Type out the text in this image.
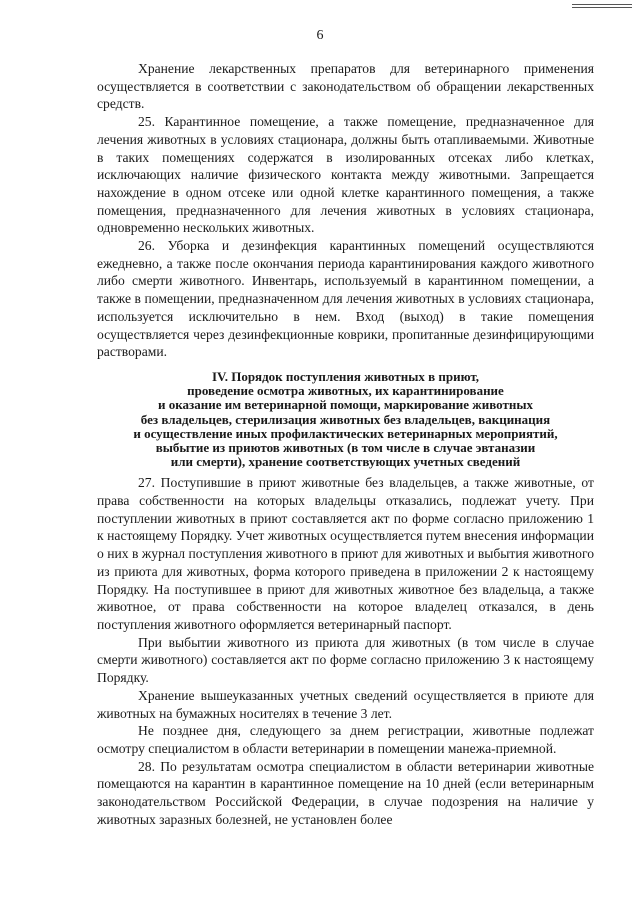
6

Хранение лекарственных препаратов для ветеринарного применения осуществляется в соответствии с законодательством об обращении лекарственных средств.

25. Карантинное помещение, а также помещение, предназначенное для лечения животных в условиях стационара, должны быть отапливаемыми. Животные в таких помещениях содержатся в изолированных отсеках либо клетках, исключающих наличие физического контакта между животными. Запрещается нахождение в одном отсеке или одной клетке карантинного помещения, а также помещения, предназначенного для лечения животных в условиях стационара, одновременно нескольких животных.

26. Уборка и дезинфекция карантинных помещений осуществляются ежедневно, а также после окончания периода карантинирования каждого животного либо смерти животного. Инвентарь, используемый в карантинном помещении, а также в помещении, предназначенном для лечения животных в условиях стационара, используется исключительно в нем. Вход (выход) в такие помещения осуществляется через дезинфекционные коврики, пропитанные дезинфицирующими растворами.

IV. Порядок поступления животных в приют,
проведение осмотра животных, их карантинирование
и оказание им ветеринарной помощи, маркирование животных
без владельцев, стерилизация животных без владельцев, вакцинация
и осуществление иных профилактических ветеринарных мероприятий,
выбытие из приютов животных (в том числе в случае эвтаназии
или смерти), хранение соответствующих учетных сведений

27. Поступившие в приют животные без владельцев, а также животные, от права собственности на которых владельцы отказались, подлежат учету. При поступлении животных в приют составляется акт по форме согласно приложению 1 к настоящему Порядку. Учет животных осуществляется путем внесения информации о них в журнал поступления животного в приют для животных и выбытия животного из приюта для животных, форма которого приведена в приложении 2 к настоящему Порядку. На поступившее в приют для животных животное без владельца, а также животное, от права собственности на которое владелец отказался, в день поступления животного оформляется ветеринарный паспорт.

При выбытии животного из приюта для животных (в том числе в случае смерти животного) составляется акт по форме согласно приложению 3 к настоящему Порядку.

Хранение вышеуказанных учетных сведений осуществляется в приюте для животных на бумажных носителях в течение 3 лет.

Не позднее дня, следующего за днем регистрации, животные подлежат осмотру специалистом в области ветеринарии в помещении манежа-приемной.

28. По результатам осмотра специалистом в области ветеринарии животные помещаются на карантин в карантинное помещение на 10 дней (если ветеринарным законодательством Российской Федерации, в случае подозрения на наличие у животных заразных болезней, не установлен более
